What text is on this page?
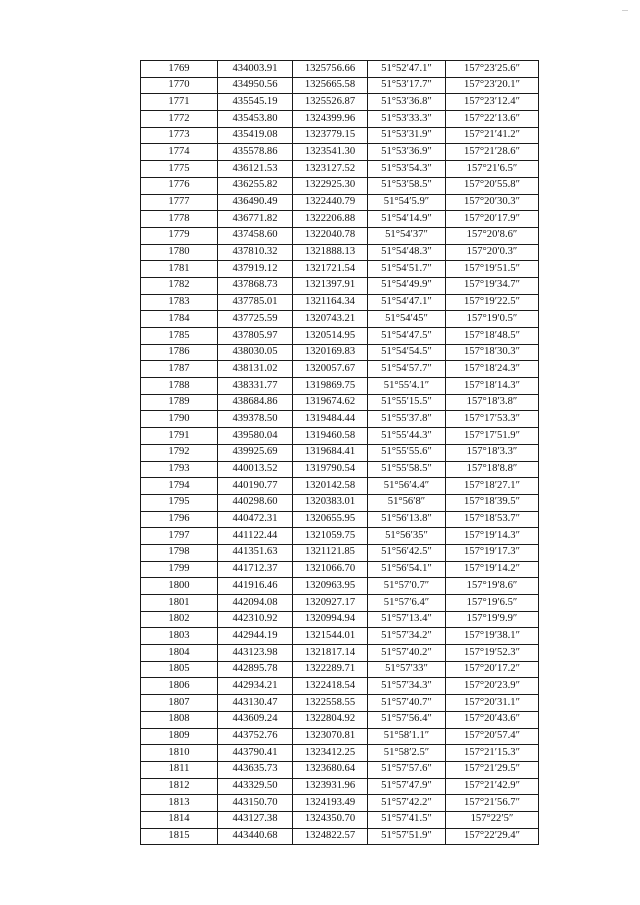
1769	434003.91	1325756.66	51°52′47.1″	157°23′25.6″
1770	434950.56	1325665.58	51°53′17.7″	157°23′20.1″
1771	435545.19	1325526.87	51°53′36.8″	157°23′12.4″
1772	435453.80	1324399.96	51°53′33.3″	157°22′13.6″
1773	435419.08	1323779.15	51°53′31.9″	157°21′41.2″
1774	435578.86	1323541.30	51°53′36.9″	157°21′28.6″
1775	436121.53	1323127.52	51°53′54.3″	157°21′6.5″
1776	436255.82	1322925.30	51°53′58.5″	157°20′55.8″
1777	436490.49	1322440.79	51°54′5.9″	157°20′30.3″
1778	436771.82	1322206.88	51°54′14.9″	157°20′17.9″
1779	437458.60	1322040.78	51°54′37″	157°20′8.6″
1780	437810.32	1321888.13	51°54′48.3″	157°20′0.3″
1781	437919.12	1321721.54	51°54′51.7″	157°19′51.5″
1782	437868.73	1321397.91	51°54′49.9″	157°19′34.7″
1783	437785.01	1321164.34	51°54′47.1″	157°19′22.5″
1784	437725.59	1320743.21	51°54′45″	157°19′0.5″
1785	437805.97	1320514.95	51°54′47.5″	157°18′48.5″
1786	438030.05	1320169.83	51°54′54.5″	157°18′30.3″
1787	438131.02	1320057.67	51°54′57.7″	157°18′24.3″
1788	438331.77	1319869.75	51°55′4.1″	157°18′14.3″
1789	438684.86	1319674.62	51°55′15.5″	157°18′3.8″
1790	439378.50	1319484.44	51°55′37.8″	157°17′53.3″
1791	439580.04	1319460.58	51°55′44.3″	157°17′51.9″
1792	439925.69	1319684.41	51°55′55.6″	157°18′3.3″
1793	440013.52	1319790.54	51°55′58.5″	157°18′8.8″
1794	440190.77	1320142.58	51°56′4.4″	157°18′27.1″
1795	440298.60	1320383.01	51°56′8″	157°18′39.5″
1796	440472.31	1320655.95	51°56′13.8″	157°18′53.7″
1797	441122.44	1321059.75	51°56′35″	157°19′14.3″
1798	441351.63	1321121.85	51°56′42.5″	157°19′17.3″
1799	441712.37	1321066.70	51°56′54.1″	157°19′14.2″
1800	441916.46	1320963.95	51°57′0.7″	157°19′8.6″
1801	442094.08	1320927.17	51°57′6.4″	157°19′6.5″
1802	442310.92	1320994.94	51°57′13.4″	157°19′9.9″
1803	442944.19	1321544.01	51°57′34.2″	157°19′38.1″
1804	443123.98	1321817.14	51°57′40.2″	157°19′52.3″
1805	442895.78	1322289.71	51°57′33″	157°20′17.2″
1806	442934.21	1322418.54	51°57′34.3″	157°20′23.9″
1807	443130.47	1322558.55	51°57′40.7″	157°20′31.1″
1808	443609.24	1322804.92	51°57′56.4″	157°20′43.6″
1809	443752.76	1323070.81	51°58′1.1″	157°20′57.4″
1810	443790.41	1323412.25	51°58′2.5″	157°21′15.3″
1811	443635.73	1323680.64	51°57′57.6″	157°21′29.5″
1812	443329.50	1323931.96	51°57′47.9″	157°21′42.9″
1813	443150.70	1324193.49	51°57′42.2″	157°21′56.7″
1814	443127.38	1324350.70	51°57′41.5″	157°22′5″
1815	443440.68	1324822.57	51°57′51.9″	157°22′29.4″
